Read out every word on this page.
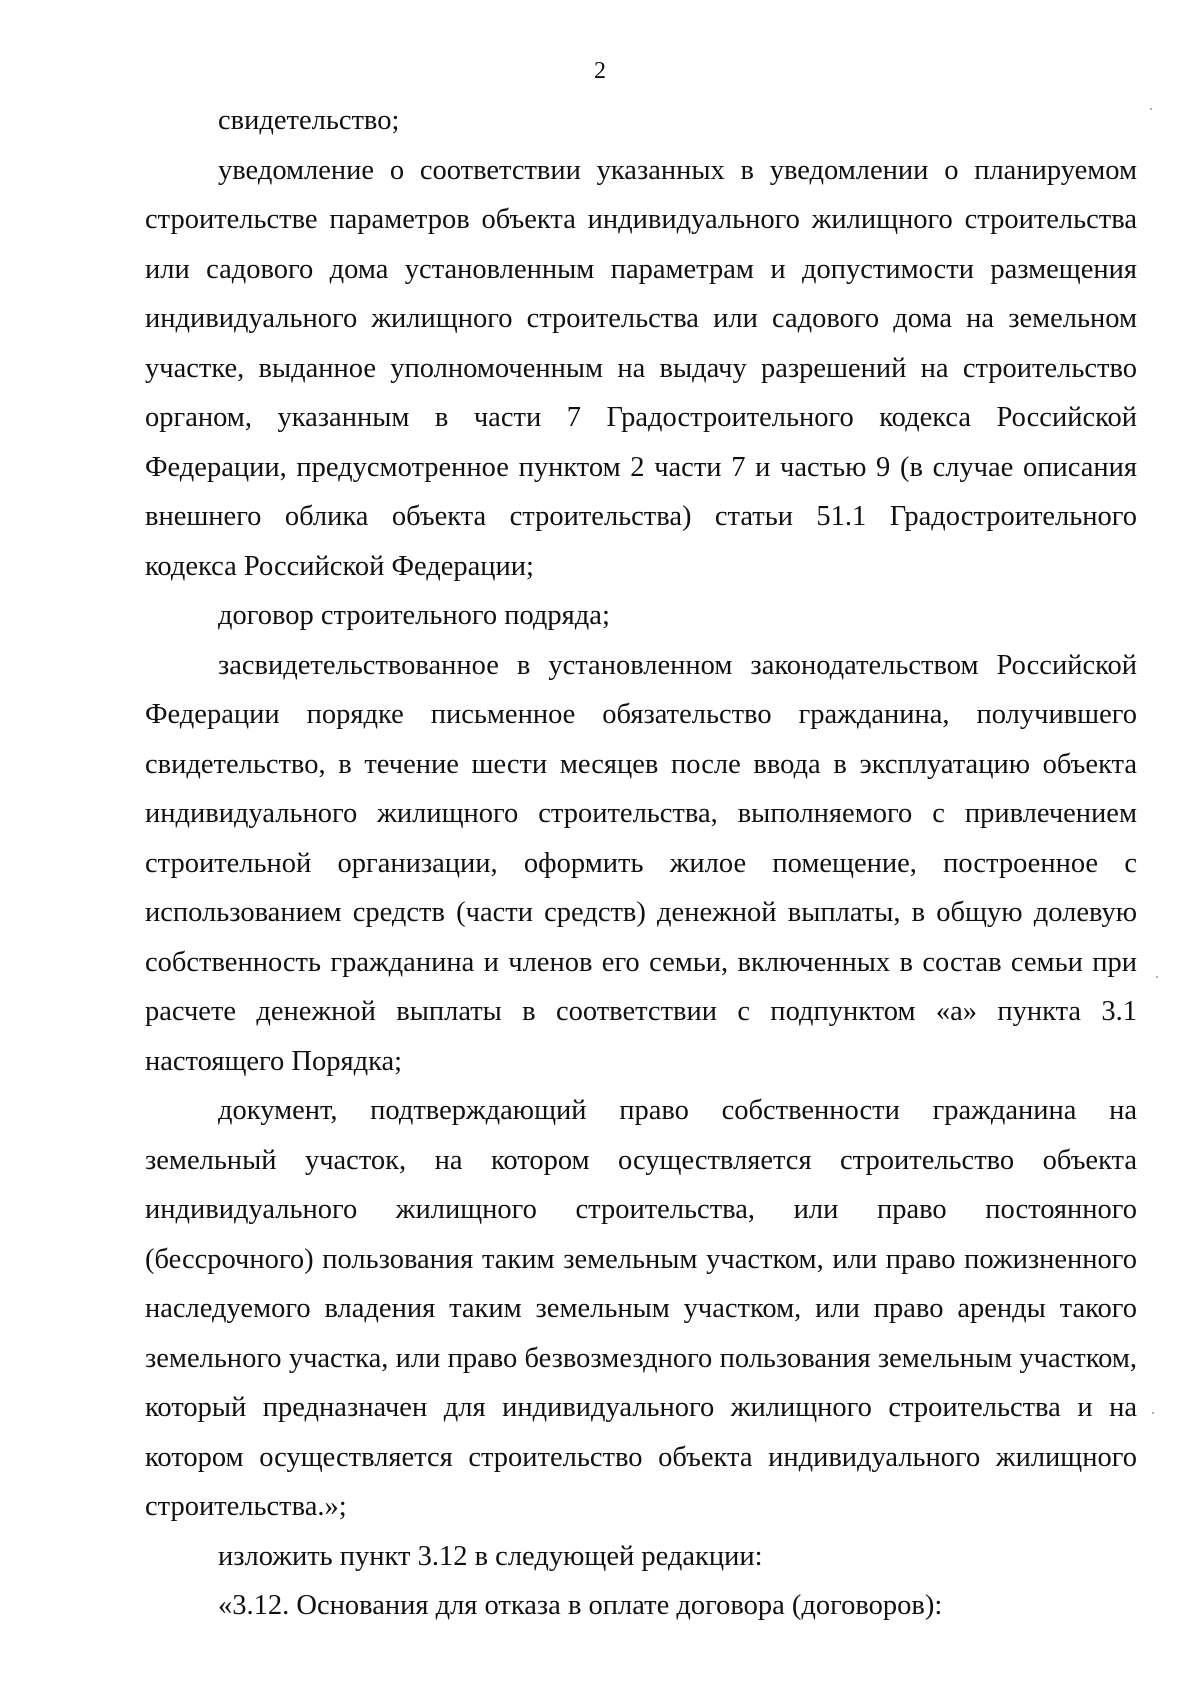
2

свидетельство;

уведомление о соответствии указанных в уведомлении о планируемом строительстве параметров объекта индивидуального жилищного строительства или садового дома установленным параметрам и допустимости размещения индивидуального жилищного строительства или садового дома на земельном участке, выданное уполномоченным на выдачу разрешений на строительство органом, указанным в части 7 Градостроительного кодекса Российской Федерации, предусмотренное пунктом 2 части 7 и частью 9 (в случае описания внешнего облика объекта строительства) статьи 51.1 Градостроительного кодекса Российской Федерации;

договор строительного подряда;

засвидетельствованное в установленном законодательством Российской Федерации порядке письменное обязательство гражданина, получившего свидетельство, в течение шести месяцев после ввода в эксплуатацию объекта индивидуального жилищного строительства, выполняемого с привлечением строительной организации, оформить жилое помещение, построенное с использованием средств (части средств) денежной выплаты, в общую долевую собственность гражданина и членов его семьи, включенных в состав семьи при расчете денежной выплаты в соответствии с подпунктом «а» пункта 3.1 настоящего Порядка;

документ, подтверждающий право собственности гражданина на земельный участок, на котором осуществляется строительство объекта индивидуального жилищного строительства, или право постоянного (бессрочного) пользования таким земельным участком, или право пожизненного наследуемого владения таким земельным участком, или право аренды такого земельного участка, или право безвозмездного пользования земельным участком, который предназначен для индивидуального жилищного строительства и на котором осуществляется строительство объекта индивидуального жилищного строительства.»;

изложить пункт 3.12 в следующей редакции:

«3.12. Основания для отказа в оплате договора (договоров):
